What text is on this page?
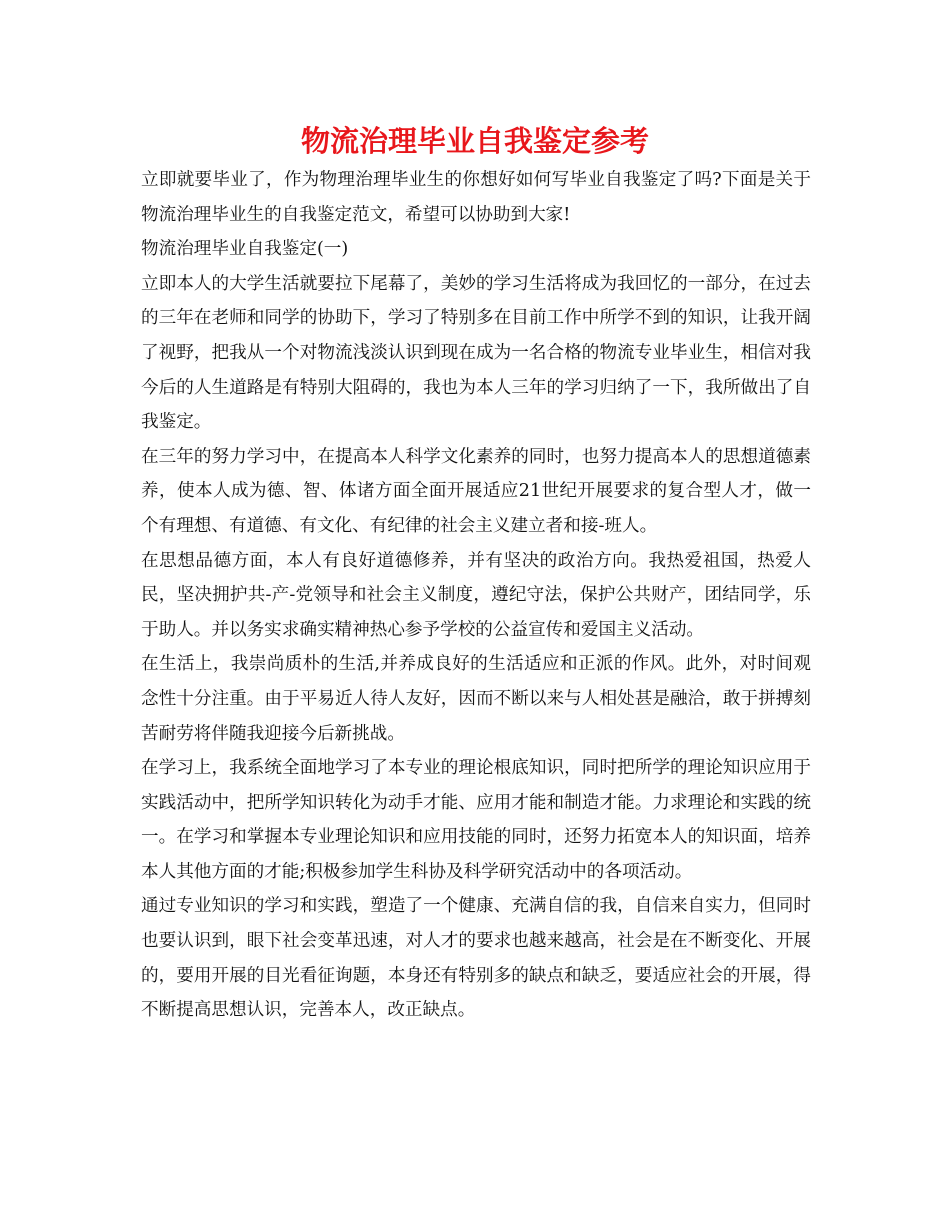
物流治理毕业自我鉴定参考

立即就要毕业了，作为物理治理毕业生的你想好如何写毕业自我鉴定了吗?下面是关于物流治理毕业生的自我鉴定范文，希望可以协助到大家!

物流治理毕业自我鉴定(一)

立即本人的大学生活就要拉下尾幕了，美妙的学习生活将成为我回忆的一部分，在过去的三年在老师和同学的协助下，学习了特别多在目前工作中所学不到的知识，让我开阔了视野，把我从一个对物流浅淡认识到现在成为一名合格的物流专业毕业生，相信对我今后的人生道路是有特别大阻碍的，我也为本人三年的学习归纳了一下，我所做出了自我鉴定。

在三年的努力学习中，在提高本人科学文化素养的同时，也努力提高本人的思想道德素养，使本人成为德、智、体诸方面全面开展适应21世纪开展要求的复合型人才，做一个有理想、有道德、有文化、有纪律的社会主义建立者和接-班人。

在思想品德方面，本人有良好道德修养，并有坚决的政治方向。我热爱祖国，热爱人民，坚决拥护共-产-党领导和社会主义制度，遵纪守法，保护公共财产，团结同学，乐于助人。并以务实求确实精神热心参予学校的公益宣传和爱国主义活动。

在生活上，我崇尚质朴的生活,并养成良好的生活适应和正派的作风。此外，对时间观念性十分注重。由于平易近人待人友好，因而不断以来与人相处甚是融洽，敢于拼搏刻苦耐劳将伴随我迎接今后新挑战。

在学习上，我系统全面地学习了本专业的理论根底知识，同时把所学的理论知识应用于实践活动中，把所学知识转化为动手才能、应用才能和制造才能。力求理论和实践的统一。在学习和掌握本专业理论知识和应用技能的同时，还努力拓宽本人的知识面，培养本人其他方面的才能;积极参加学生科协及科学研究活动中的各项活动。

通过专业知识的学习和实践，塑造了一个健康、充满自信的我，自信来自实力，但同时也要认识到，眼下社会变革迅速，对人才的要求也越来越高，社会是在不断变化、开展的，要用开展的目光看征询题，本身还有特别多的缺点和缺乏，要适应社会的开展，得不断提高思想认识，完善本人，改正缺点。
